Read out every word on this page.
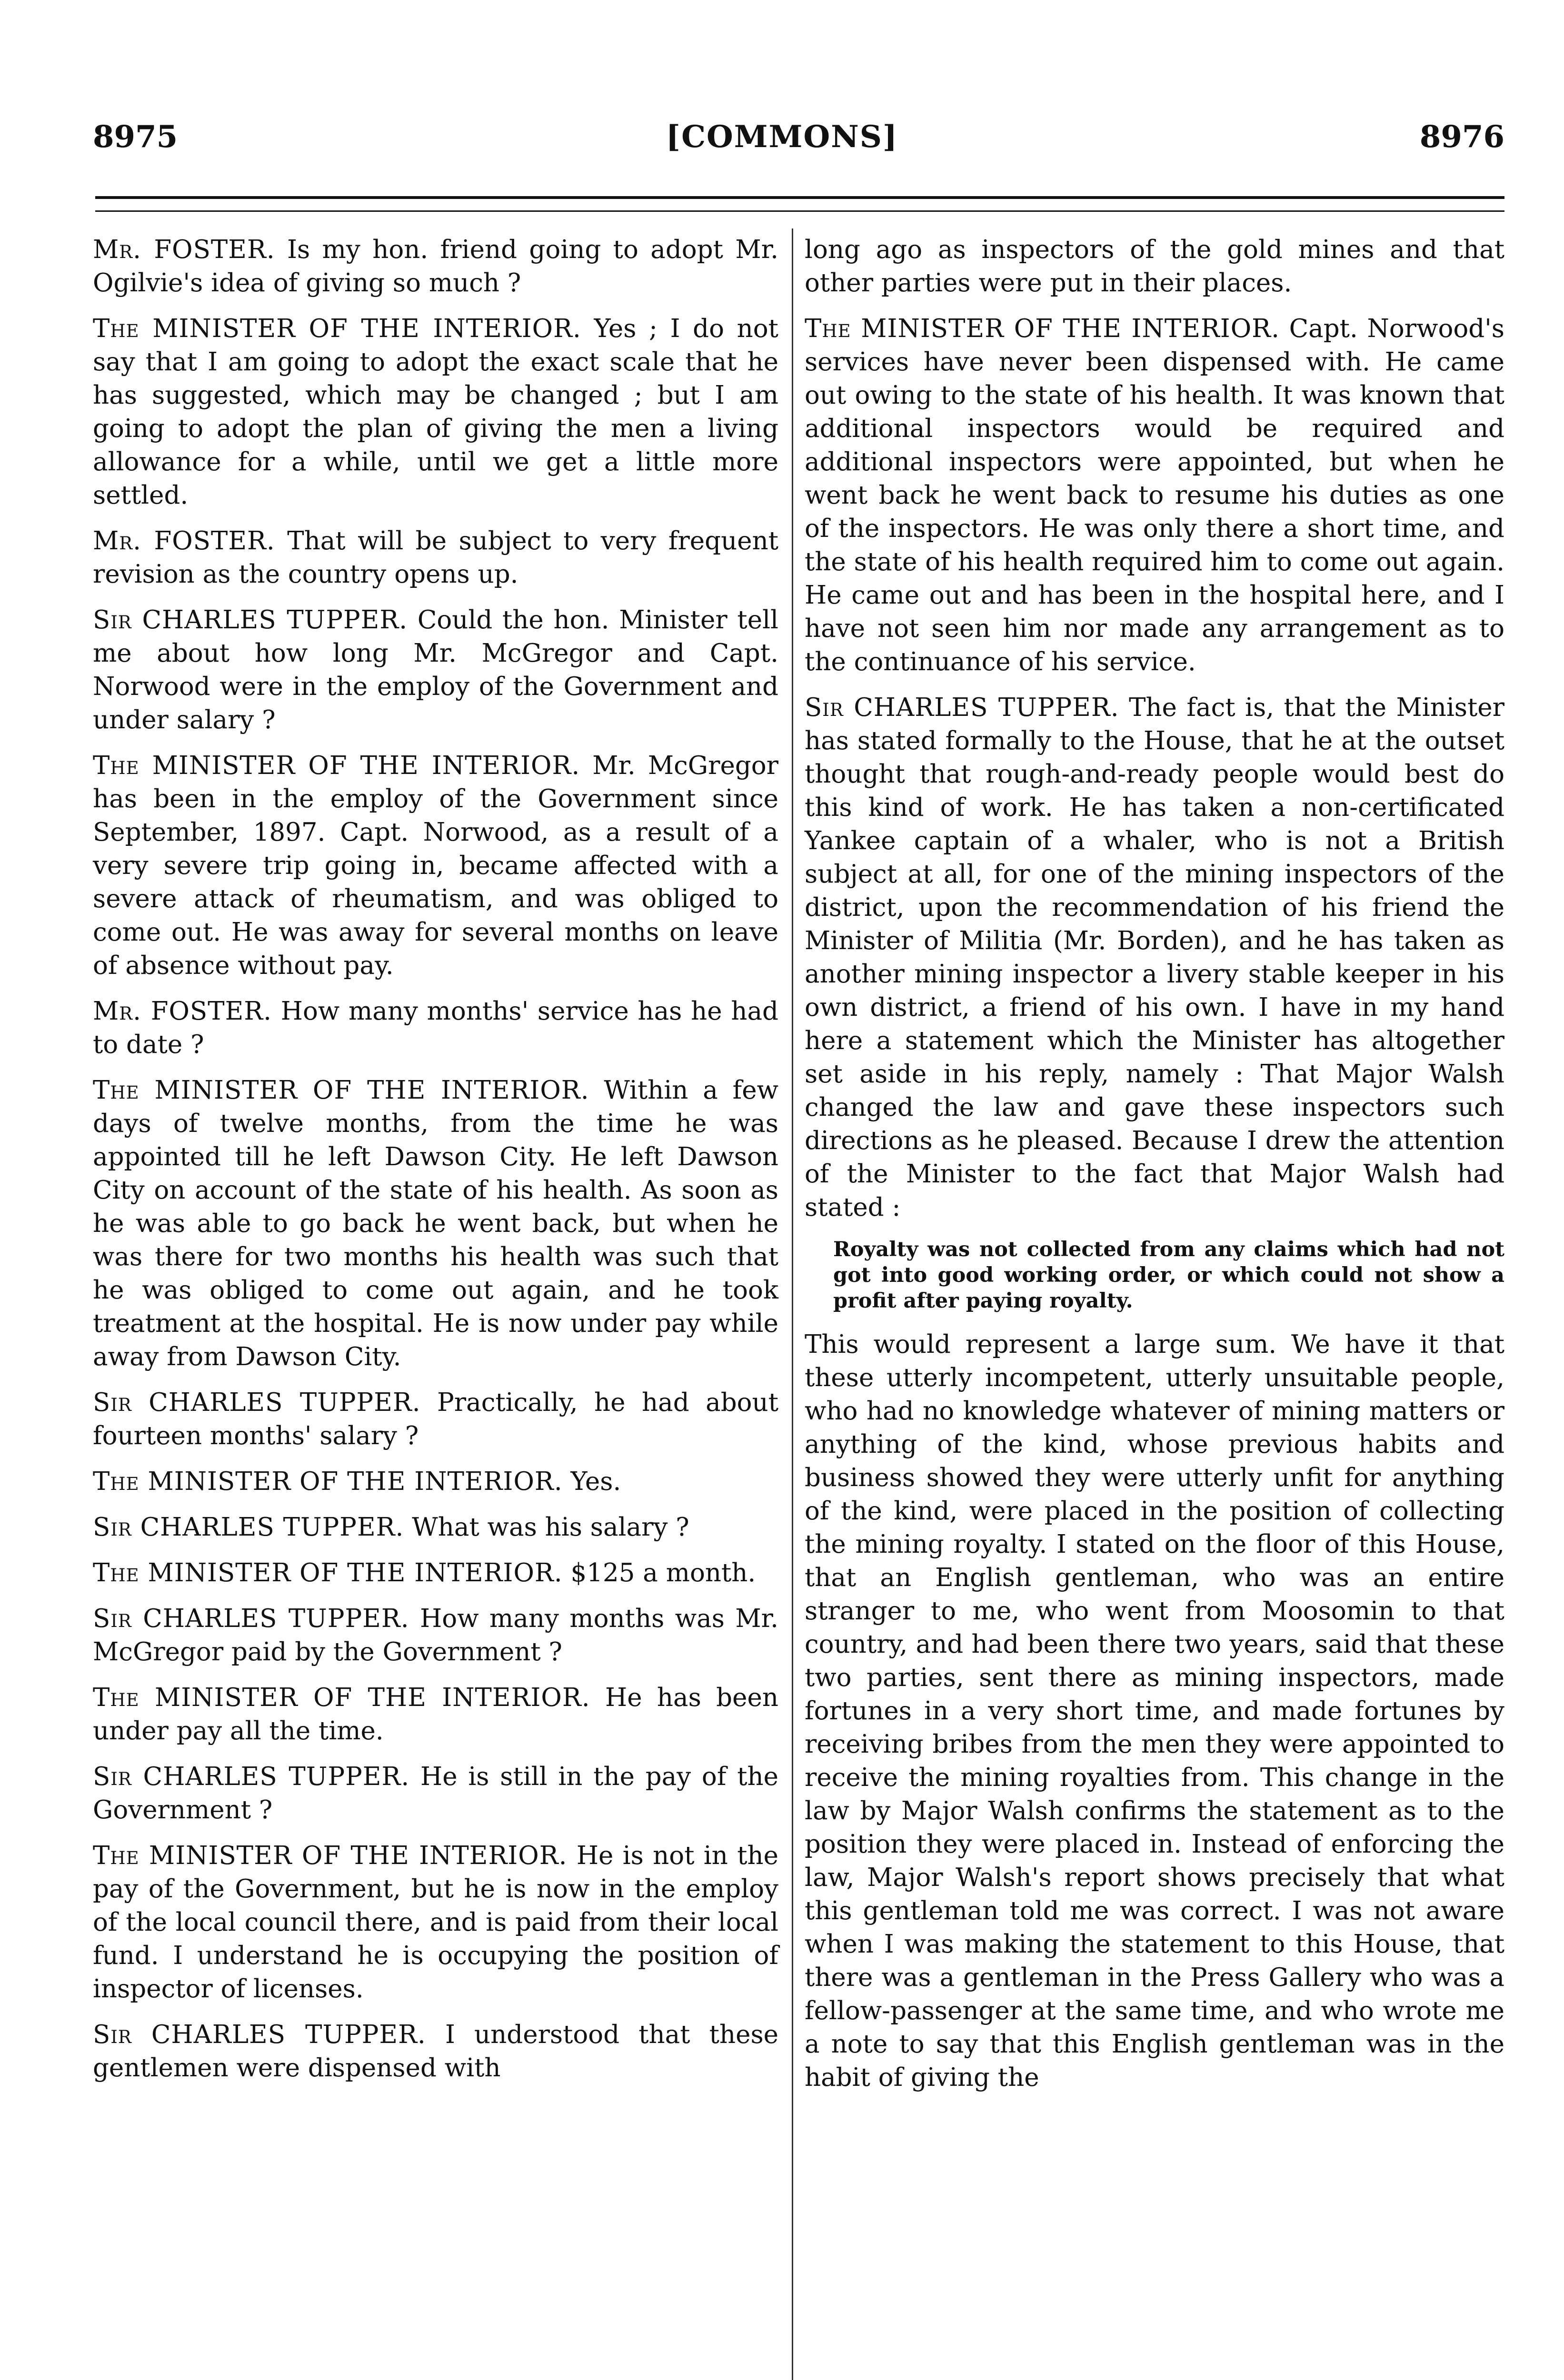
[COMMONS]
8975	8976

Mr. FOSTER. Is my hon. friend going to adopt Mr. Ogilvie's idea of giving so much ?

The MINISTER OF THE INTERIOR. Yes ; I do not say that I am going to adopt the exact scale that he has suggested, which may be changed ; but I am going to adopt the plan of giving the men a living allowance for a while, until we get a little more settled.

Mr. FOSTER. That will be subject to very frequent revision as the country opens up.

Sir CHARLES TUPPER. Could the hon. Minister tell me about how long Mr. McGregor and Capt. Norwood were in the employ of the Government and under salary ?

The MINISTER OF THE INTERIOR. Mr. McGregor has been in the employ of the Government since September, 1897. Capt. Norwood, as a result of a very severe trip going in, became affected with a severe attack of rheumatism, and was obliged to come out. He was away for several months on leave of absence without pay.

Mr. FOSTER. How many months' service has he had to date ?

The MINISTER OF THE INTERIOR. Within a few days of twelve months, from the time he was appointed till he left Dawson City. He left Dawson City on account of the state of his health. As soon as he was able to go back he went back, but when he was there for two months his health was such that he was obliged to come out again, and he took treatment at the hospital. He is now under pay while away from Dawson City.

Sir CHARLES TUPPER. Practically, he had about fourteen months' salary ?

The MINISTER OF THE INTERIOR. Yes.

Sir CHARLES TUPPER. What was his salary ?

The MINISTER OF THE INTERIOR. $125 a month.

Sir CHARLES TUPPER. How many months was Mr. McGregor paid by the Government ?

The MINISTER OF THE INTERIOR. He has been under pay all the time.

Sir CHARLES TUPPER. He is still in the pay of the Government ?

The MINISTER OF THE INTERIOR. He is not in the pay of the Government, but he is now in the employ of the local council there, and is paid from their local fund. I understand he is occupying the position of inspector of licenses.

Sir CHARLES TUPPER. I understood that these gentlemen were dispensed with

long ago as inspectors of the gold mines and that other parties were put in their places.

The MINISTER OF THE INTERIOR. Capt. Norwood's services have never been dispensed with. He came out owing to the state of his health. It was known that additional inspectors would be required and additional inspectors were appointed, but when he went back he went back to resume his duties as one of the inspectors. He was only there a short time, and the state of his health required him to come out again. He came out and has been in the hospital here, and I have not seen him nor made any arrangement as to the continuance of his service.

Sir CHARLES TUPPER. The fact is, that the Minister has stated formally to the House, that he at the outset thought that rough-and-ready people would best do this kind of work. He has taken a non-certificated Yankee captain of a whaler, who is not a British subject at all, for one of the mining inspectors of the district, upon the recommendation of his friend the Minister of Militia (Mr. Borden), and he has taken as another mining inspector a livery stable keeper in his own district, a friend of his own. I have in my hand here a statement which the Minister has altogether set aside in his reply, namely : That Major Walsh changed the law and gave these inspectors such directions as he pleased. Because I drew the attention of the Minister to the fact that Major Walsh had stated :

Royalty was not collected from any claims which had not got into good working order, or which could not show a profit after paying royalty.

This would represent a large sum. We have it that these utterly incompetent, utterly unsuitable people, who had no knowledge whatever of mining matters or anything of the kind, whose previous habits and business showed they were utterly unfit for anything of the kind, were placed in the position of collecting the mining royalty. I stated on the floor of this House, that an English gentleman, who was an entire stranger to me, who went from Moosomin to that country, and had been there two years, said that these two parties, sent there as mining inspectors, made fortunes in a very short time, and made fortunes by receiving bribes from the men they were appointed to receive the mining royalties from. This change in the law by Major Walsh confirms the statement as to the position they were placed in. Instead of enforcing the law, Major Walsh's report shows precisely that what this gentleman told me was correct. I was not aware when I was making the statement to this House, that there was a gentleman in the Press Gallery who was a fellow-passenger at the same time, and who wrote me a note to say that this English gentleman was in the habit of giving the
